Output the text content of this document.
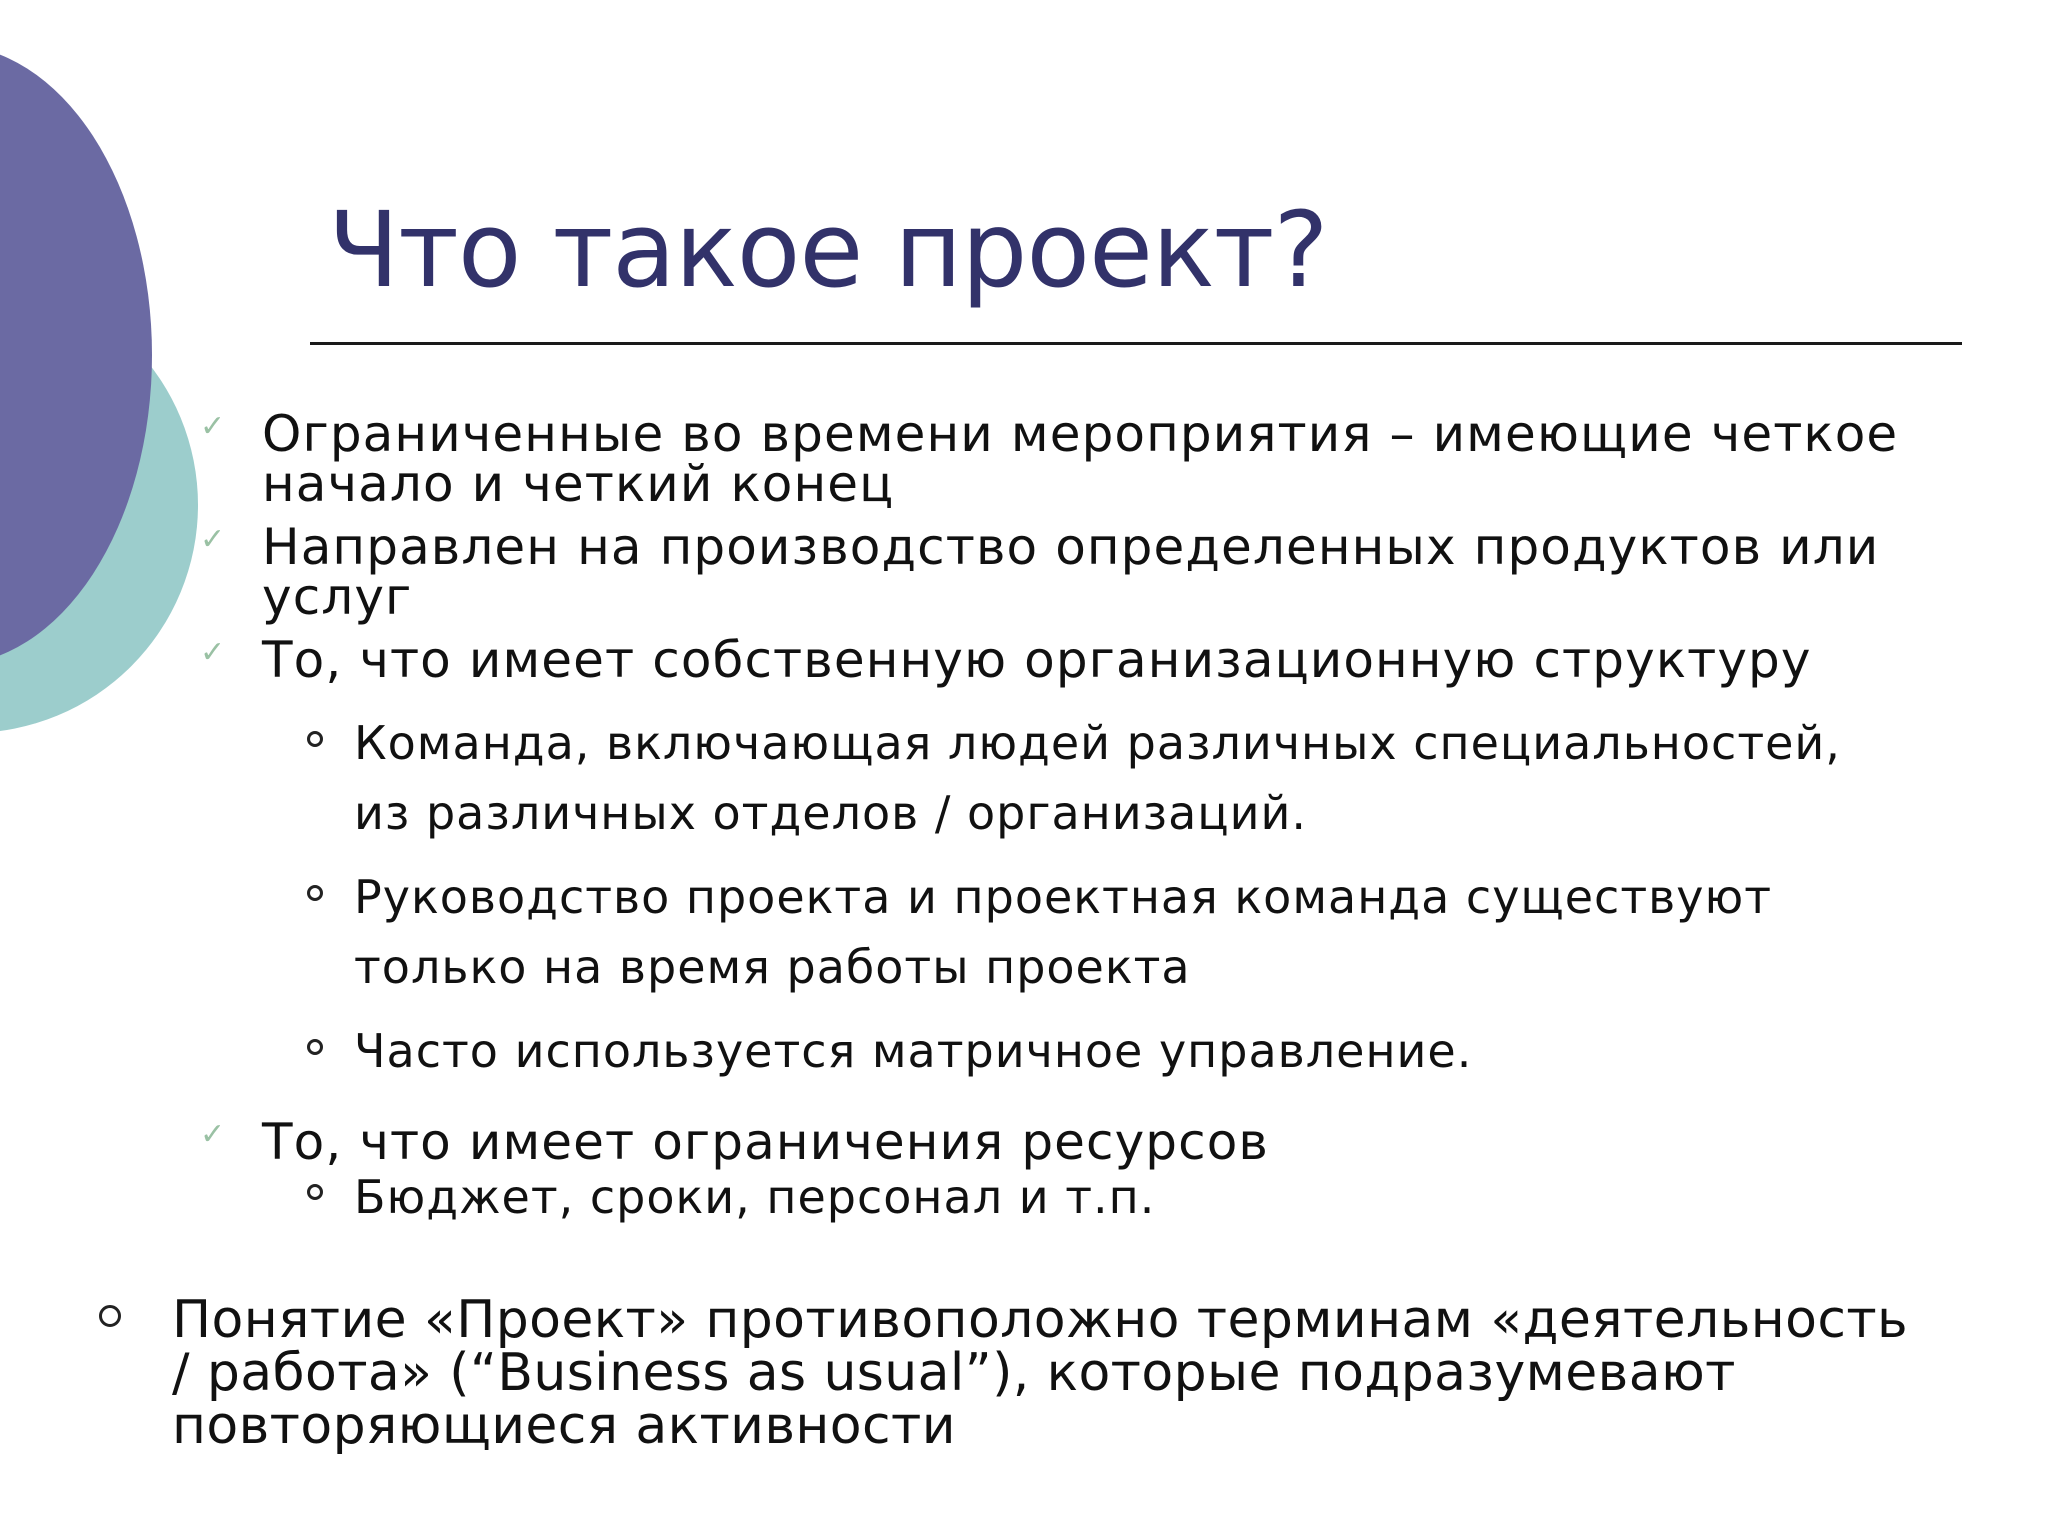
Что такое проект?
✓ Ограниченные во времени мероприятия – имеющие четкое
начало и четкий конец
✓ Направлен на производство определенных продуктов или
услуг
✓ То, что имеет собственную организационную структуру
Команда, включающая людей различных специальностей,
из различных отделов / организаций.
Руководство проекта и проектная команда существуют
только на время работы проекта
Часто используется матричное управление.
✓ То, что имеет ограничения ресурсов
Бюджет, сроки, персонал и т.п.
Понятие «Проект» противоположно терминам «деятельность
/ работа» (“Business as usual”), которые подразумевают
повторяющиеся активности
